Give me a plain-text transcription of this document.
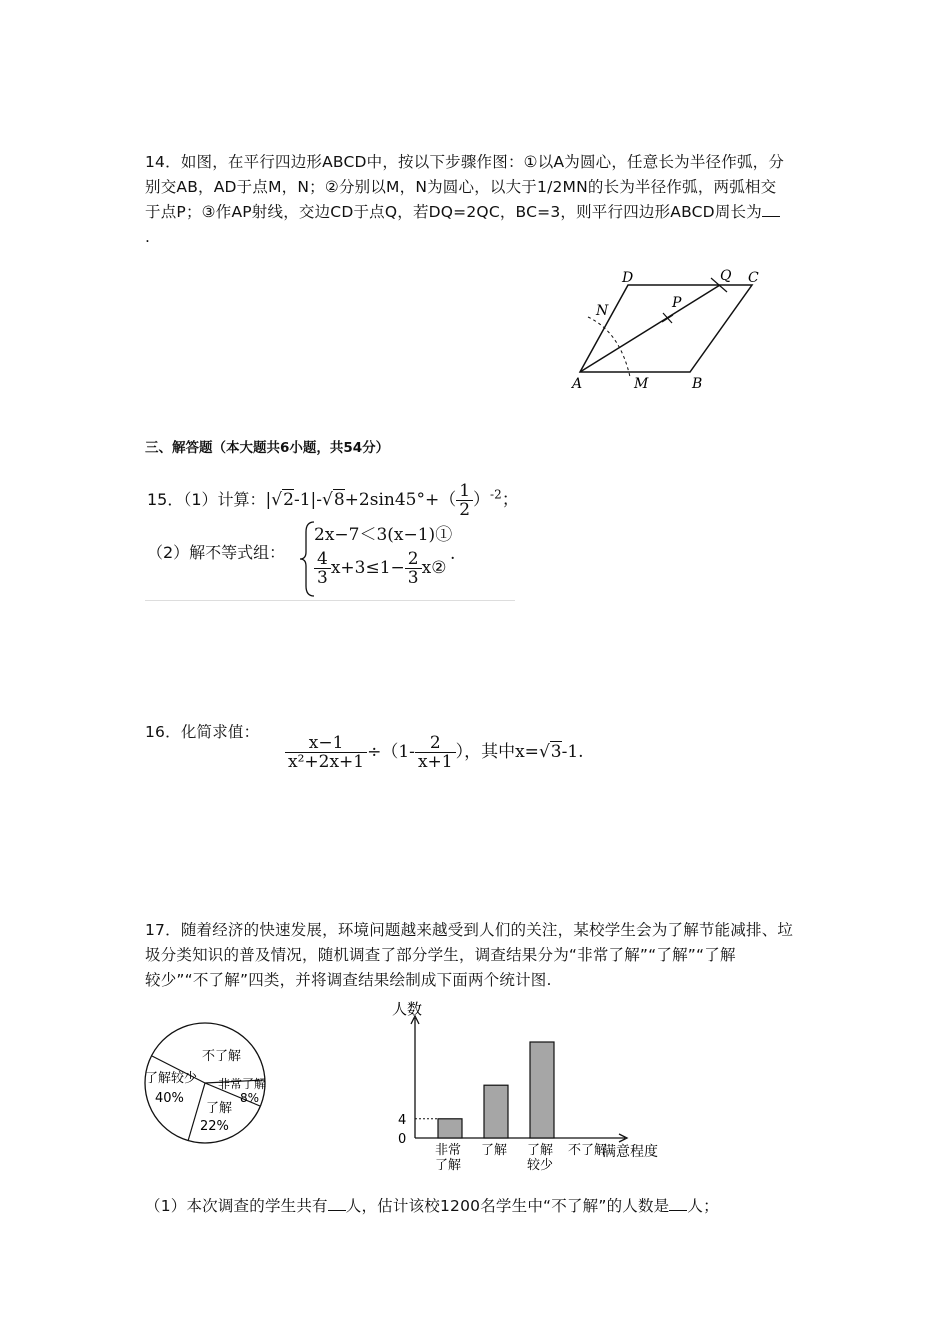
14．如图，在平行四边形ABCD中，按以下步骤作图：①以A为圆心，任意长为半径作弧，分
别交AB，AD于点M，N；②分别以M，N为圆心，以大于1/2MN的长为半径作弧，两弧相交
于点P；③作AP射线，交边CD于点Q，若DQ=2QC，BC=3，则平行四边形ABCD周长为
.
A	B
C
D
M
N	P
Q
三、解答题（本大题共6小题，共54分）
15．（1）计算：$|√2-1|-√8+2\sin 45^\circ+( \frac{1}{2} )^{-2}$；
（2）解不等式组：
2x−7＜3(x−1)①
$\frac{4}{3} x+3\le 1- \frac{2}{3}$ x②
.
16．化简求值：
$\frac{x-1}{\text{x²+2x+1}} \div(1- \frac{2}{x+1}$ ），其中x=√3-1.
17．随着经济的快速发展，环境问题越来越受到人们的关注，某校学生会为了解节能减排、垃
圾分类知识的普及情况，随机调查了部分学生，调查结果分为“非常了解”“了解”“了解
较少”“不了解”四类，并将调查结果绘制成下面两个统计图.
不了解
了解较少
40%
非常了解
8%
了解
22%
人数
满意程度
4
0
非常
了解
了解 了解
较少
不了解
（1）本次调查的学生共有 人，估计该校1200名学生中“不了解”的人数是 人；
